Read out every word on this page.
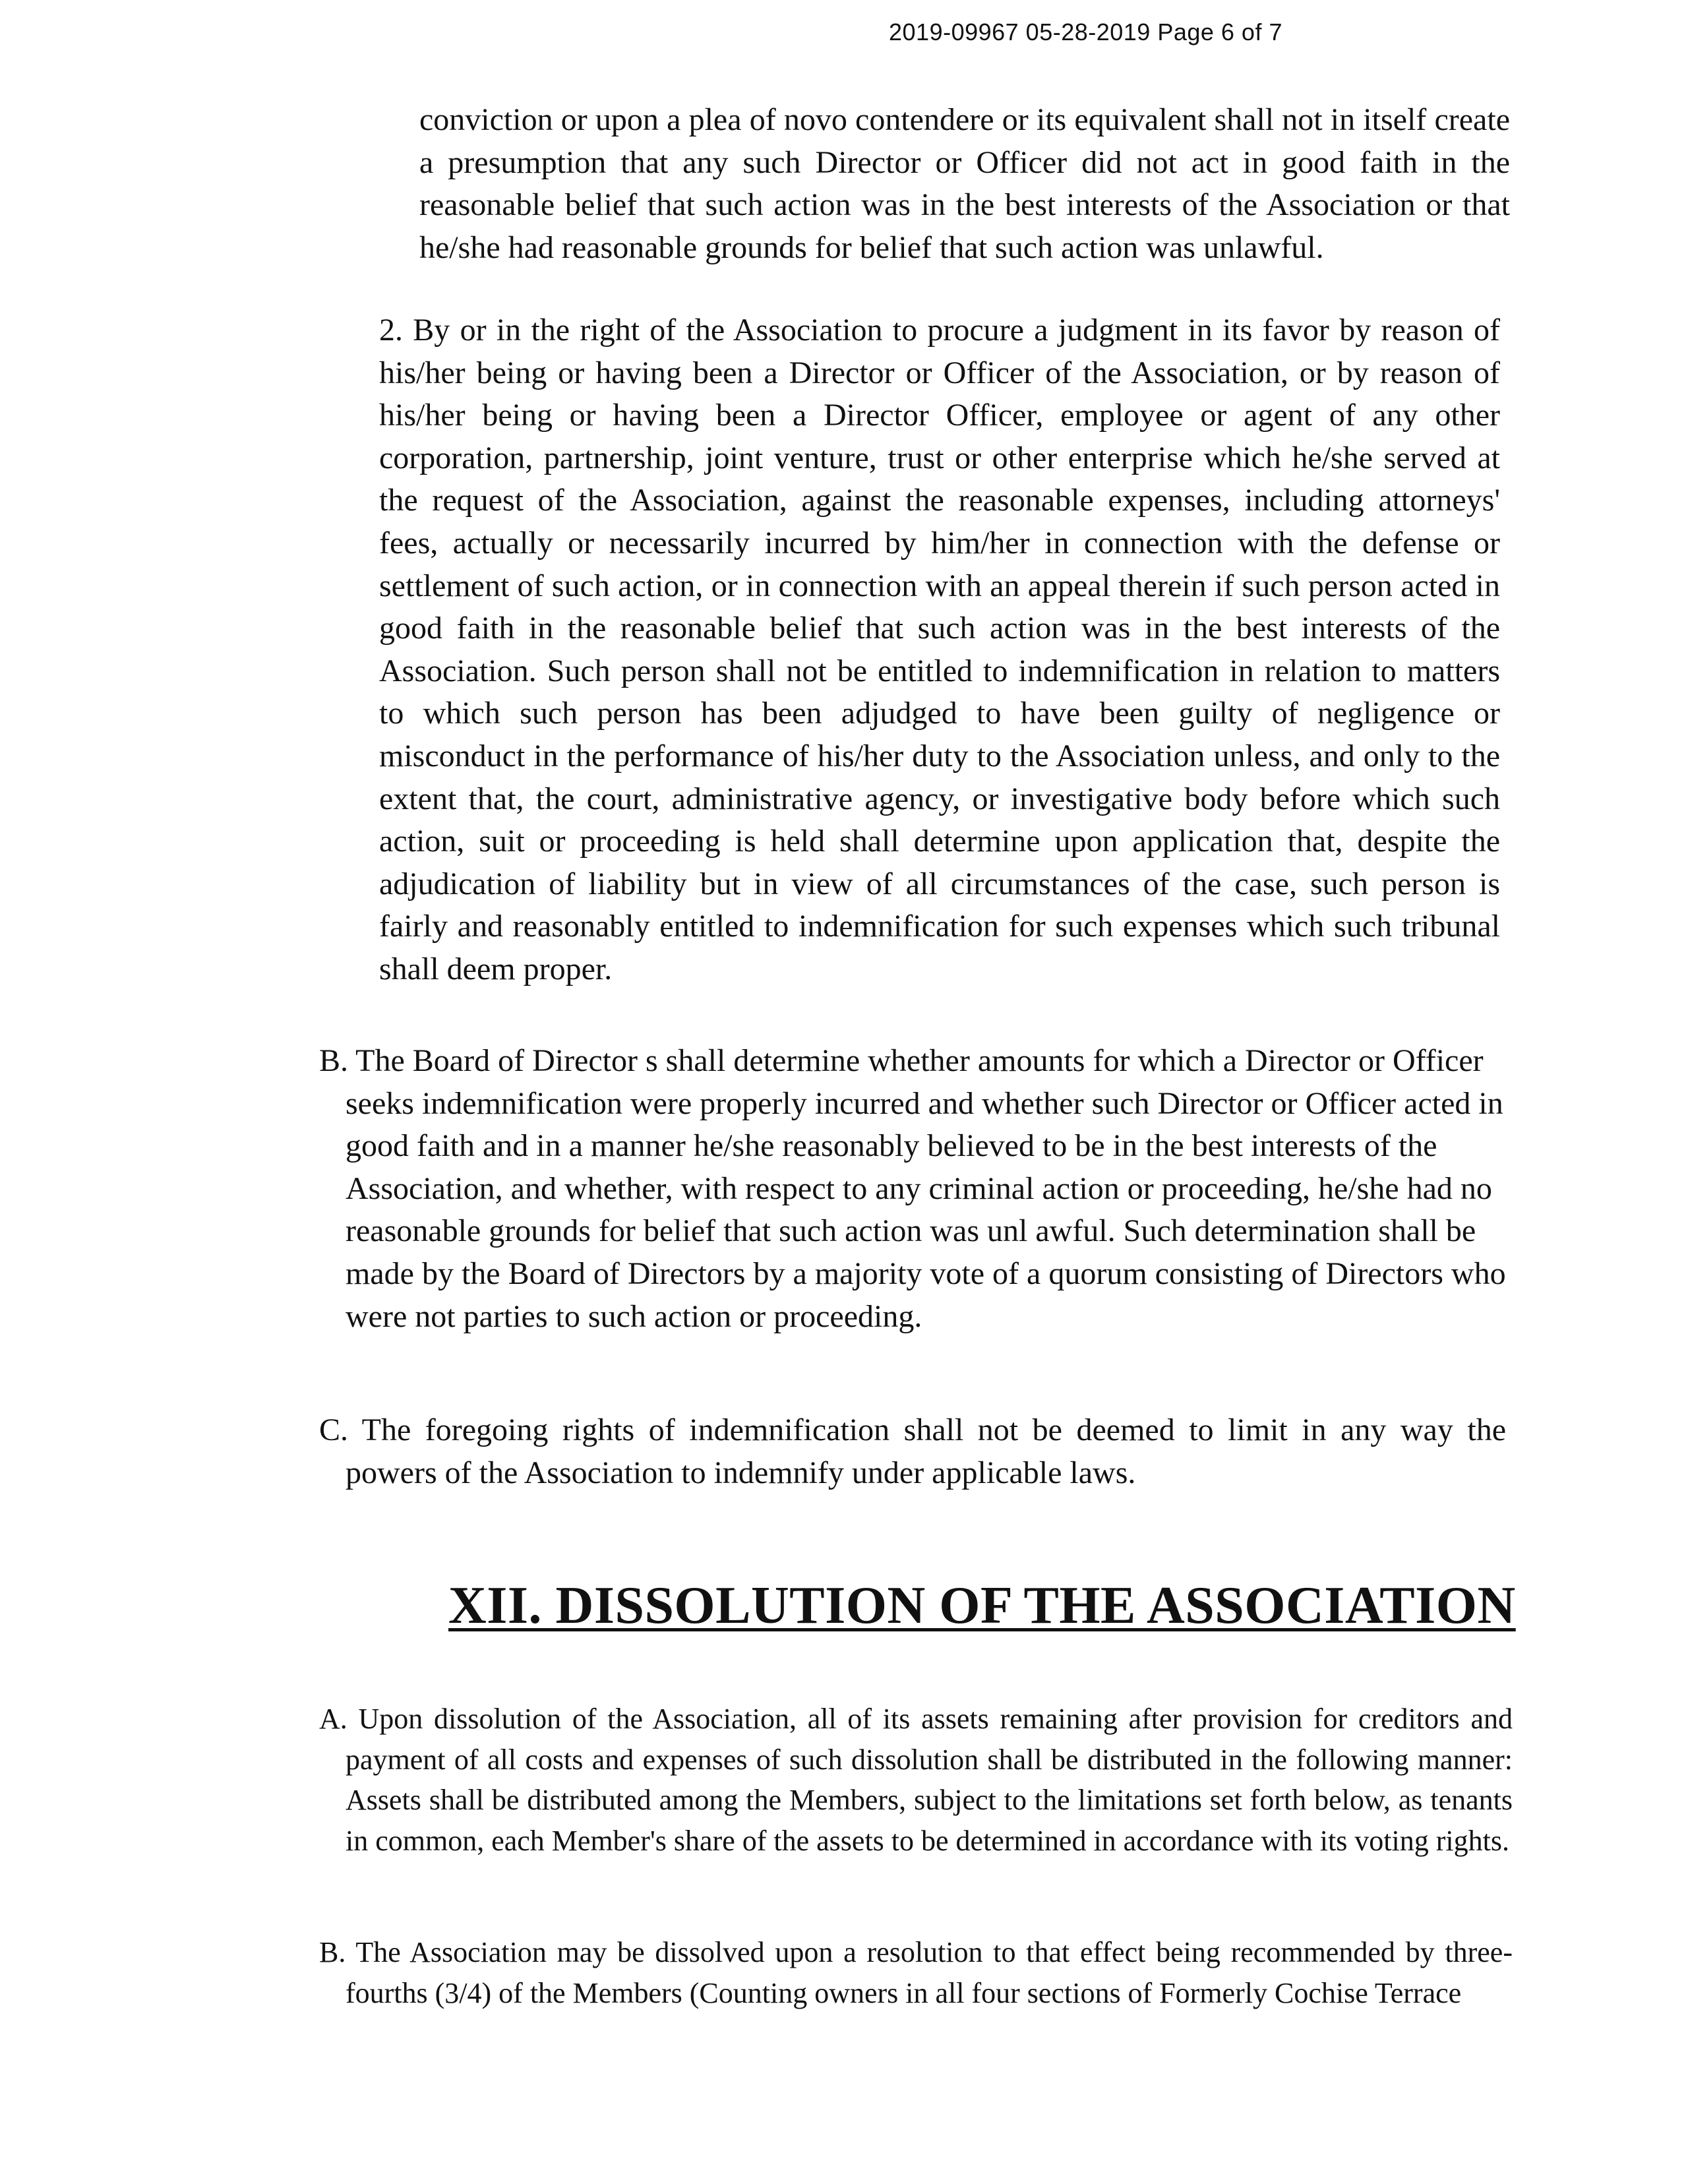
2019-09967 05-28-2019 Page 6 of 7

conviction or upon a plea of novo contendere or its equivalent shall not in itself create a presumption that any such Director or Officer did not act in good faith in the reasonable belief that such action was in the best interests of the Association or that he/she had reasonable grounds for belief that such action was unlawful.

2. By or in the right of the Association to procure a judgment in its favor by reason of his/her being or having been a Director or Officer of the Association, or by reason of his/her being or having been a Director Officer, employee or agent of any other corporation, partnership, joint venture, trust or other enterprise which he/she served at the request of the Association, against the reasonable expenses, including attorneys' fees, actually or necessarily incurred by him/her in connection with the defense or settlement of such action, or in connection with an appeal therein if such person acted in good faith in the reasonable belief that such action was in the best interests of the Association. Such person shall not be entitled to indemnification in relation to matters to which such person has been adjudged to have been guilty of negligence or misconduct in the performance of his/her duty to the Association unless, and only to the extent that, the court, administrative agency, or investigative body before which such action, suit or proceeding is held shall determine upon application that, despite the adjudication of liability but in view of all circumstances of the case, such person is fairly and reasonably entitled to indemnification for such expenses which such tribunal shall deem proper.

B. The Board of Director s shall determine whether amounts for which a Director or Officer seeks indemnification were properly incurred and whether such Director or Officer acted in good faith and in a manner he/she reasonably believed to be in the best interests of the Association, and whether, with respect to any criminal action or proceeding, he/she had no reasonable grounds for belief that such action was unl awful. Such determination shall be made by the Board of Directors by a majority vote of a quorum consisting of Directors who were not parties to such action or proceeding.

C. The foregoing rights of indemnification shall not be deemed to limit in any way the powers of the Association to indemnify under applicable laws.

XII. DISSOLUTION OF THE ASSOCIATION

A. Upon dissolution of the Association, all of its assets remaining after provision for creditors and payment of all costs and expenses of such dissolution shall be distributed in the following manner: Assets shall be distributed among the Members, subject to the limitations set forth below, as tenants in common, each Member's share of the assets to be determined in accordance with its voting rights.

B. The Association may be dissolved upon a resolution to that effect being recommended by three-fourths (3/4) of the Members (Counting owners in all four sections of Formerly Cochise Terrace
